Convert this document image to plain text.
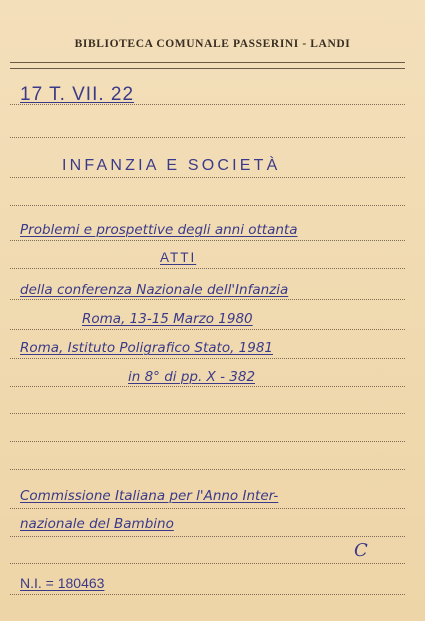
BIBLIOTECA COMUNALE PASSERINI - LANDI
17 T. VII. 22
INFANZIA E SOCIETÀ
Problemi e prospettive degli anni ottanta
ATTI
della conferenza Nazionale dell'Infanzia
Roma, 13-15 Marzo 1980
Roma, Istituto Poligrafico Stato, 1981
in 8° di pp. X - 382
Commissione Italiana per l'Anno Inter-
nazionale del Bambino
C
N.I. = 180463
